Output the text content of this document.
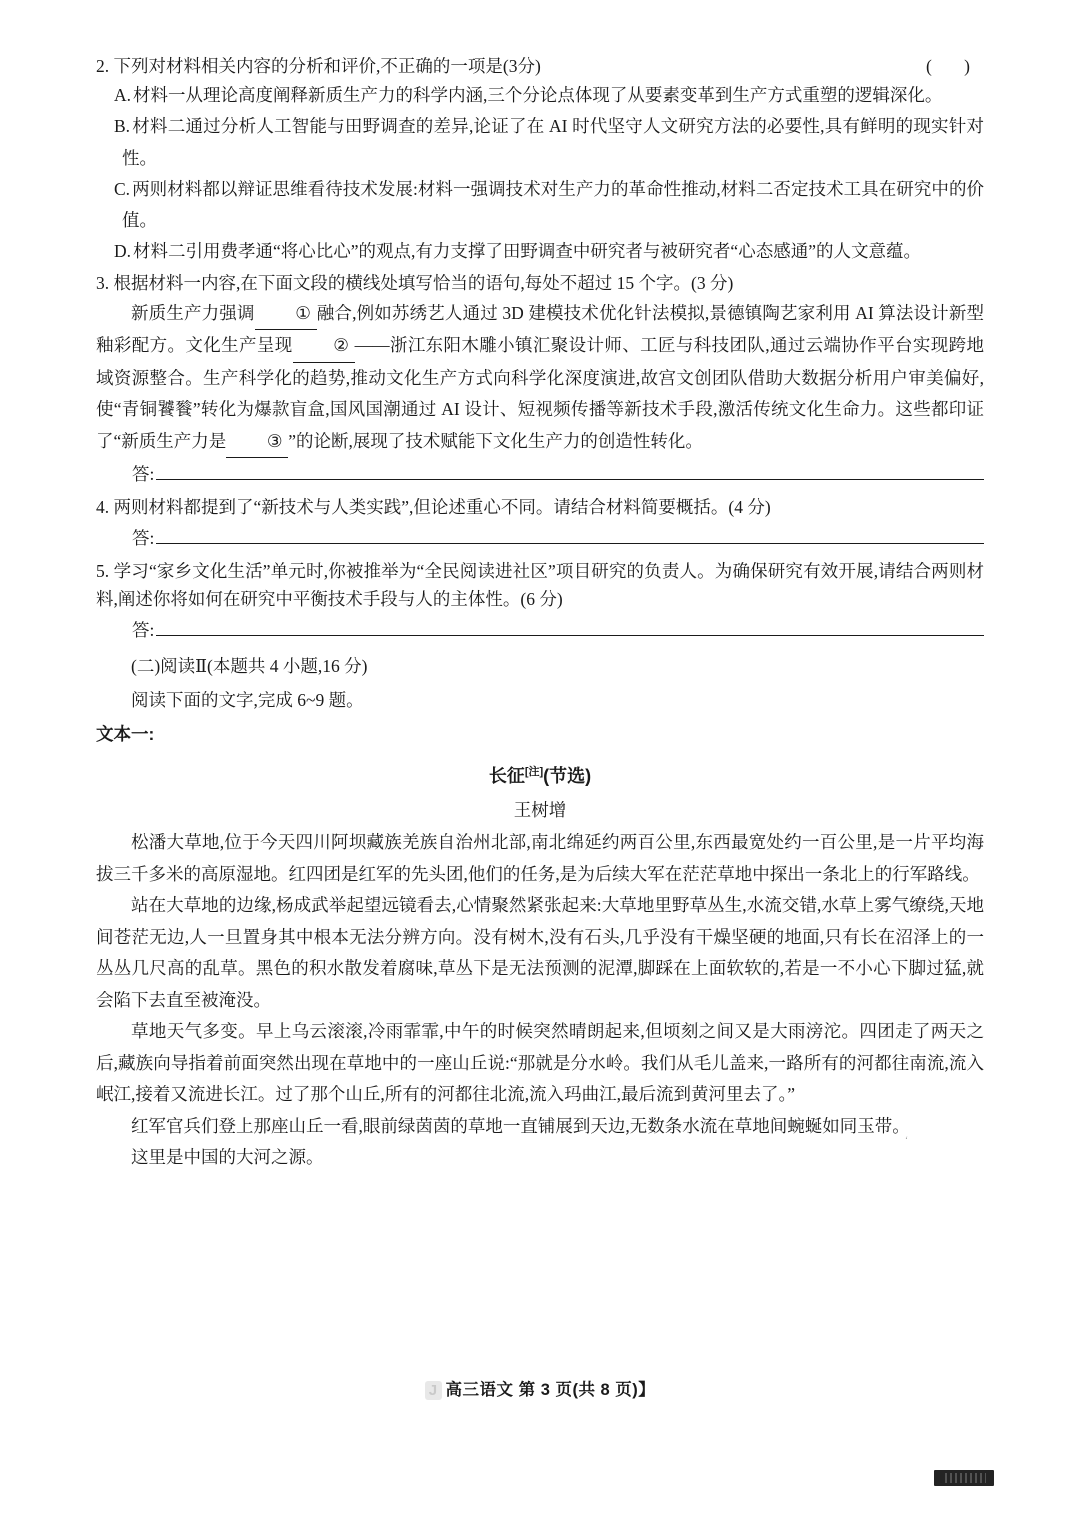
2. 下列对材料相关内容的分析和评价,不正确的一项是(3分)	( )
A. 材料一从理论高度阐释新质生产力的科学内涵,三个分论点体现了从要素变革到生产方式重塑的逻辑深化。
B. 材料二通过分析人工智能与田野调查的差异,论证了在 AI 时代坚守人文研究方法的必要性,具有鲜明的现实针对性。
C. 两则材料都以辩证思维看待技术发展:材料一强调技术对生产力的革命性推动,材料二否定技术工具在研究中的价值。
D. 材料二引用费孝通“将心比心”的观点,有力支撑了田野调查中研究者与被研究者“心态感通”的人文意蕴。
3. 根据材料一内容,在下面文段的横线处填写恰当的语句,每处不超过 15 个字。(3 分)
新质生产力强调 ① 融合,例如苏绣艺人通过 3D 建模技术优化针法模拟,景德镇陶艺家利用 AI 算法设计新型釉彩配方。文化生产呈现 ② ——浙江东阳木雕小镇汇聚设计师、工匠与科技团队,通过云端协作平台实现跨地域资源整合。生产科学化的趋势,推动文化生产方式向科学化深度演进,故宫文创团队借助大数据分析用户审美偏好,使“青铜饕餮”转化为爆款盲盒,国风国潮通过 AI 设计、短视频传播等新技术手段,激活传统文化生命力。这些都印证了“新质生产力是 ③ ”的论断,展现了技术赋能下文化生产力的创造性转化。
答:
4. 两则材料都提到了“新技术与人类实践”,但论述重心不同。请结合材料简要概括。(4 分)
答:
5. 学习“家乡文化生活”单元时,你被推举为“全民阅读进社区”项目研究的负责人。为确保研究有效开展,请结合两则材料,阐述你将如何在研究中平衡技术手段与人的主体性。(6 分)
答:
(二)阅读Ⅱ(本题共 4 小题,16 分)
阅读下面的文字,完成 6~9 题。
文本一:
长征[注](节选)
王树增
松潘大草地,位于今天四川阿坝藏族羌族自治州北部,南北绵延约两百公里,东西最宽处约一百公里,是一片平均海拔三千多米的高原湿地。红四团是红军的先头团,他们的任务,是为后续大军在茫茫草地中探出一条北上的行军路线。
站在大草地的边缘,杨成武举起望远镜看去,心情聚然紧张起来:大草地里野草丛生,水流交错,水草上雾气缭绕,天地间苍茫无边,人一旦置身其中根本无法分辨方向。没有树木,没有石头,几乎没有干燥坚硬的地面,只有长在沼泽上的一丛丛几尺高的乱草。黑色的积水散发着腐味,草丛下是无法预测的泥潭,脚踩在上面软软的,若是一不小心下脚过猛,就会陷下去直至被淹没。
草地天气多变。早上乌云滚滚,冷雨霏霏,中午的时候突然晴朗起来,但顷刻之间又是大雨滂沱。四团走了两天之后,藏族向导指着前面突然出现在草地中的一座山丘说:“那就是分水岭。我们从毛儿盖来,一路所有的河都往南流,流入岷江,接着又流进长江。过了那个山丘,所有的河都往北流,流入玛曲江,最后流到黄河里去了。”
红军官兵们登上那座山丘一看,眼前绿茵茵的草地一直铺展到天边,无数条水流在草地间蜿蜒如同玉带。
这里是中国的大河之源。
ʻ
J 高三语文 第 3 页(共 8 页)】
